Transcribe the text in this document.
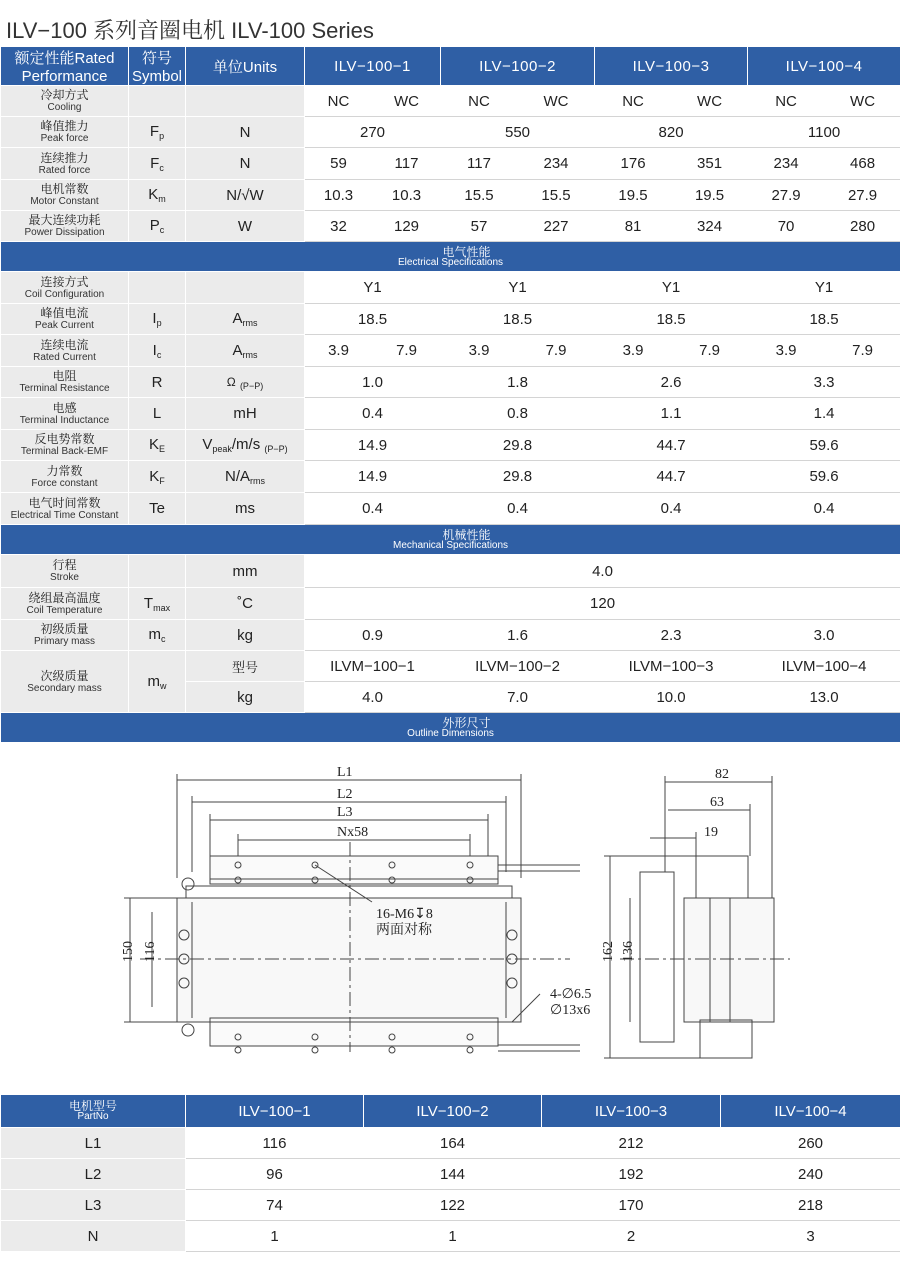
ILV−100 系列音圈电机 ILV-100 Series
额定性能Rated Performance	符号Symbol	单位Units	ILV−100−1		ILV−100−2		ILV−100−3		ILV−100−4	

冷却方式
Cooling			NC	WC	NC	WC	NC	WC	NC	WC

峰值推力
Peak force	$F_p$	N	270		550		820		1100	

连续推力
Rated force	$F_c$	N	59	117	117	234	176	351	234	468

电机常数
Motor Constant	$K_m$	N/√W	10.3	10.3	15.5	15.5	19.5	19.5	27.9	27.9

最大连续功耗
Power Dissipation	$P_c$	W	32	129	57	227	81	324	70	280

电气性能
Electrical Specifications										

连接方式
Coil Configuration			Y1		Y1		Y1		Y1	

峰值电流
Peak Current	$I_p$	$A_{rms}$	18.5		18.5		18.5		18.5	

连续电流
Rated Current	$I_c$	$A_{rms}$	3.9	7.9	3.9	7.9	3.9	7.9	3.9	7.9

电阻
Terminal Resistance	R	Ω $_{(P-P)}$	1.0		1.8		2.6		3.3	

电感
Terminal Inductance	L	mH	0.4		0.8		1.1		1.4	

反电势常数
Terminal Back-EMF	$K_E$	$V_{peak}/m/s$ $_{(P-P)}$	14.9		29.8		44.7		59.6	

力常数
Force constant	$K_F$	$N/A_{rms}$	14.9		29.8		44.7		59.6	

电气时间常数
Electrical Time Constant	Te	ms	0.4		0.4		0.4		0.4	

机械性能
Mechanical Specifications										

行程
Stroke		mm	4.0							

绕组最高温度
Coil Temperature	$T_{max}$	˚C	120							

初级质量
Primary mass	$m_c$	kg	0.9		1.6		2.3		3.0	

次级质量
Secondary mass	$m_w$	型号	ILVM−100−1		ILVM−100−2		ILVM−100−3		ILVM−100−4	
		kg	4.0		7.0		10.0		13.0	

外形尺寸
Outline Dimensions										
L1
L2
L3
Nx58
150 116
16-M6↧8
两面对称
4-∅6.5
∅13x6
82
63
19
162 136
电机型号
PartNo	ILV−100−1	ILV−100−2	ILV−100−3	ILV−100−4
L1	116	164	212	260
L2	96	144	192	240
L3	74	122	170	218
N	1	1	2	3
